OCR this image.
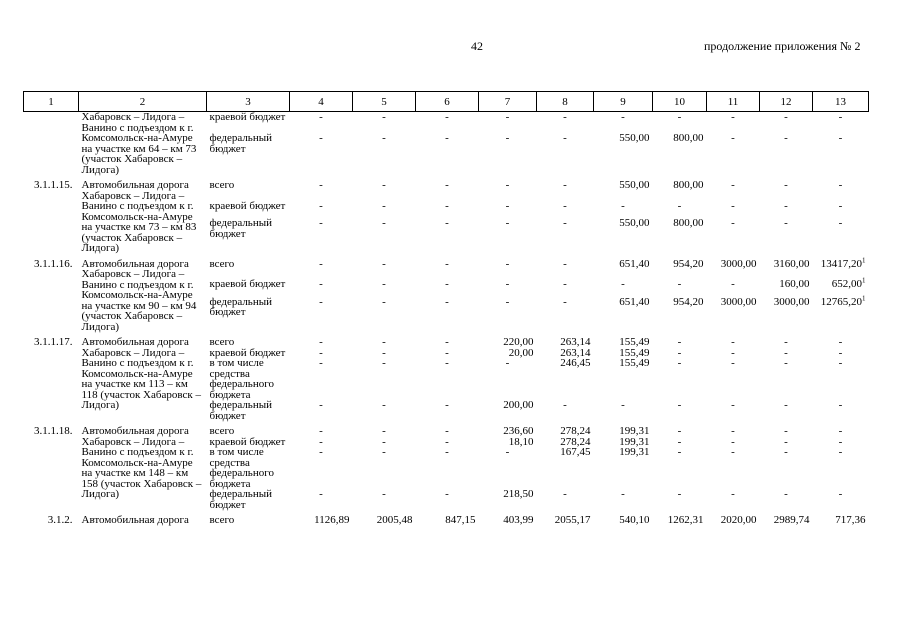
42	продолжение приложения № 2
1	2	3	4	5	6	7	8	9	10	11	12	13
	Хабаровск – Лидога – Ванино с подъездом к г. Комсомольск-на-Амуре на участке км 64 – км 73 (участок Хабаровск – Лидога)	краевой бюджет	-	-	-	-	-	-	-	-	-	-
		федеральный бюджет	-	-	-	-	-	550,00	800,00	-	-	-
3.1.1.15.	Автомобильная дорога Хабаровск – Лидога – Ванино с подъездом к г. Комсомольск-на-Амуре на участке км 73 – км 83 (участок Хабаровск – Лидога)	всего	-	-	-	-	-	550,00	800,00	-	-	-
		краевой бюджет	-	-	-	-	-	-	-	-	-	-
		федеральный бюджет	-	-	-	-	-	550,00	800,00	-	-	-
3.1.1.16.	Автомобильная дорога Хабаровск – Лидога – Ванино с подъездом к г. Комсомольск-на-Амуре на участке км 90 – км 94 (участок Хабаровск – Лидога)	всего	-	-	-	-	-	651,40	954,20	3000,00	3160,00	13417,20$^1$
		краевой бюджет	-	-	-	-	-	-	-	-	160,00	652,00$^1$
		федеральный бюджет	-	-	-	-	-	651,40	954,20	3000,00	3000,00	12765,20$^1$
3.1.1.17.	Автомобильная дорога Хабаровск – Лидога – Ванино с подъездом к г. Комсомольск-на-Амуре на участке км 113 – км 118 (участок Хабаровск – Лидога)	всего	-	-	-	220,00	263,14	155,49	-	-	-	-
		краевой бюджет	-	-	-	20,00	263,14	155,49	-	-	-	-
		в том числе средства федерального бюджета	-	-	-	-	246,45	155,49	-	-	-	-
		федеральный бюджет	-	-	-	200,00	-	-	-	-	-	-
3.1.1.18.	Автомобильная дорога Хабаровск – Лидога – Ванино с подъездом к г. Комсомольск-на-Амуре на участке км 148 – км 158 (участок Хабаровск – Лидога)	всего	-	-	-	236,60	278,24	199,31	-	-	-	-
		краевой бюджет	-	-	-	18,10	278,24	199,31	-	-	-	-
		в том числе средства федерального бюджета	-	-	-	-	167,45	199,31	-	-	-	-
		федеральный бюджет	-	-	-	218,50	-	-	-	-	-	-
3.1.2.	Автомобильная дорога	всего	1126,89	2005,48	847,15	403,99	2055,17	540,10	1262,31	2020,00	2989,74	717,36
